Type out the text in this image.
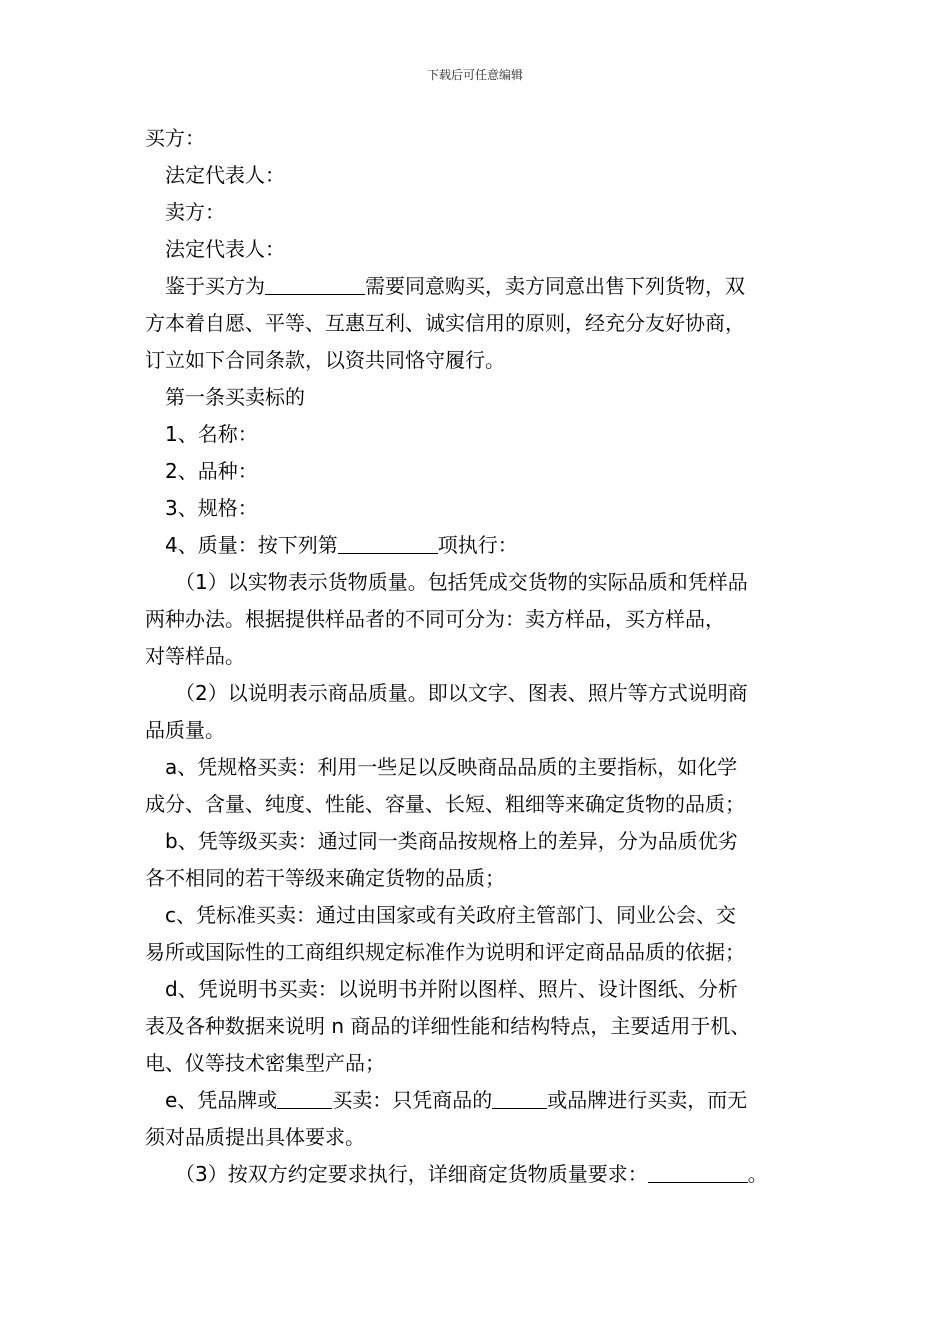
下载后可任意编辑
买方：
法定代表人：
卖方：
法定代表人：
鉴于买方为	需要同意购买，卖方同意出售下列货物，双
方本着自愿、平等、互惠互利、诚实信用的原则，经充分友好协商，
订立如下合同条款，以资共同恪守履行。
第一条买卖标的
1、名称：
2、品种：
3、规格：
4、质量：按下列第	项执行：
（1）以实物表示货物质量。包括凭成交货物的实际品质和凭样品
两种办法。根据提供样品者的不同可分为：卖方样品，买方样品，
对等样品。
（2）以说明表示商品质量。即以文字、图表、照片等方式说明商
品质量。
a、凭规格买卖：利用一些足以反映商品品质的主要指标，如化学
成分、含量、纯度、性能、容量、长短、粗细等来确定货物的品质；
b、凭等级买卖：通过同一类商品按规格上的差异，分为品质优劣
各不相同的若干等级来确定货物的品质；
c、凭标准买卖：通过由国家或有关政府主管部门、同业公会、交
易所或国际性的工商组织规定标准作为说明和评定商品品质的依据；
d、凭说明书买卖：以说明书并附以图样、照片、设计图纸、分析
表及各种数据来说明 n 商品的详细性能和结构特点，主要适用于机、
电、仪等技术密集型产品；
e、凭品牌或	买卖：只凭商品的	或品牌进行买卖，而无
须对品质提出具体要求。
（3）按双方约定要求执行，详细商定货物质量要求：	。
